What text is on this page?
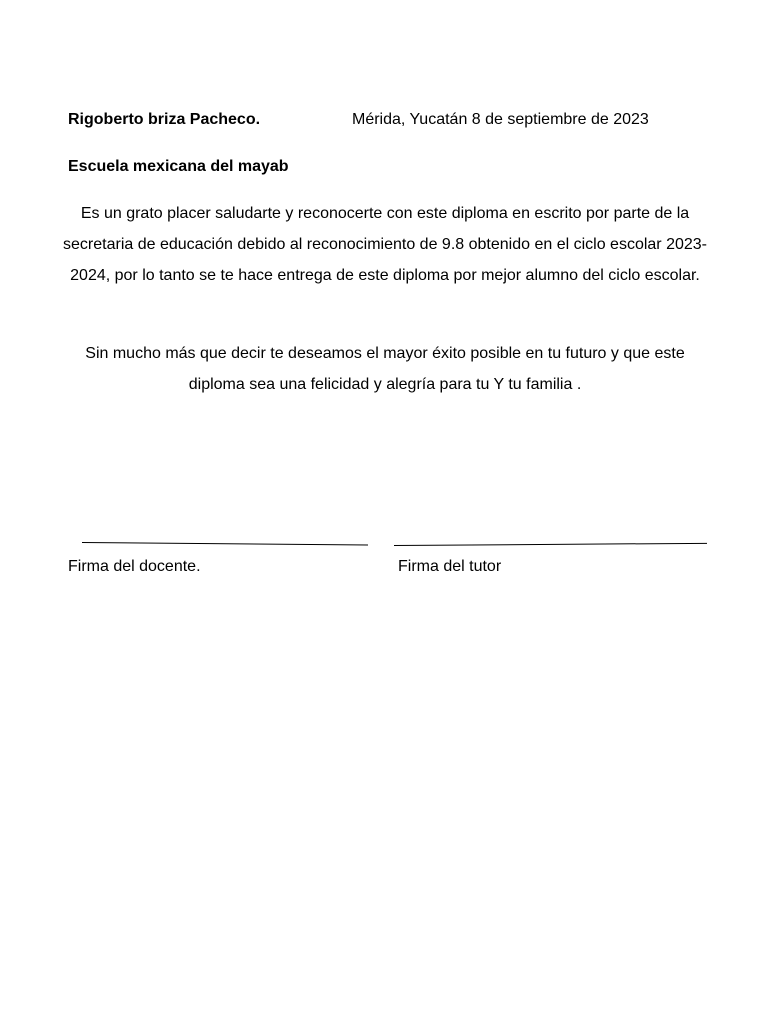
Rigoberto briza Pacheco.	Mérida, Yucatán 8 de septiembre de 2023
Escuela mexicana del mayab
Es un grato placer saludarte y reconocerte con este diploma en escrito por parte de la secretaria de educación debido al reconocimiento de 9.8 obtenido en el ciclo escolar 2023-2024, por lo tanto se te hace entrega de este diploma por mejor alumno del ciclo escolar.
Sin mucho más que decir te deseamos el mayor éxito posible en tu futuro y que este diploma sea una felicidad y alegría para tu Y tu familia .
Firma del docente.	Firma del tutor
